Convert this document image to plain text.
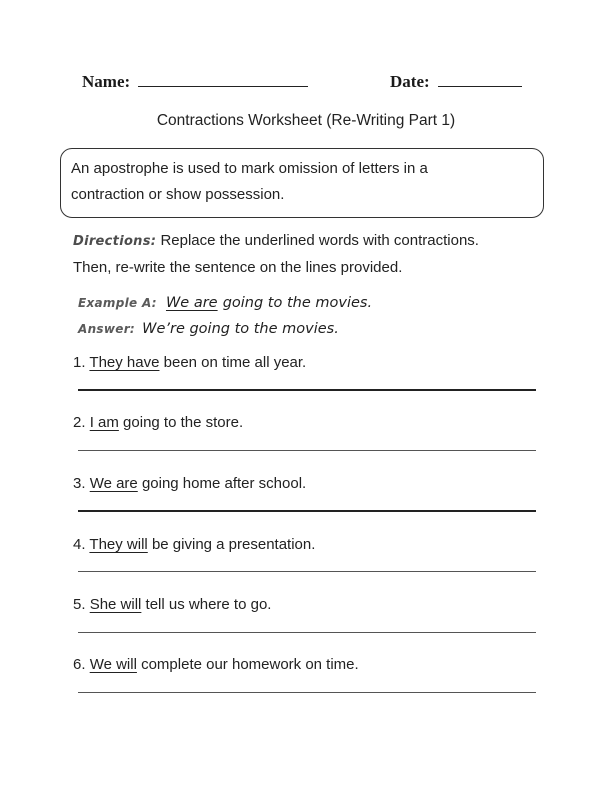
Name:	Date:
Contractions Worksheet (Re-Writing Part 1)
An apostrophe is used to mark omission of letters in a
contraction or show possession.
Directions: Replace the underlined words with contractions.
Then, re-write the sentence on the lines provided.
Example A: We are going to the movies.
Answer: We’re going to the movies.
1. They have been on time all year.
2. I am going to the store.
3. We are going home after school.
4. They will be giving a presentation.
5. She will tell us where to go.
6. We will complete our homework on time.
